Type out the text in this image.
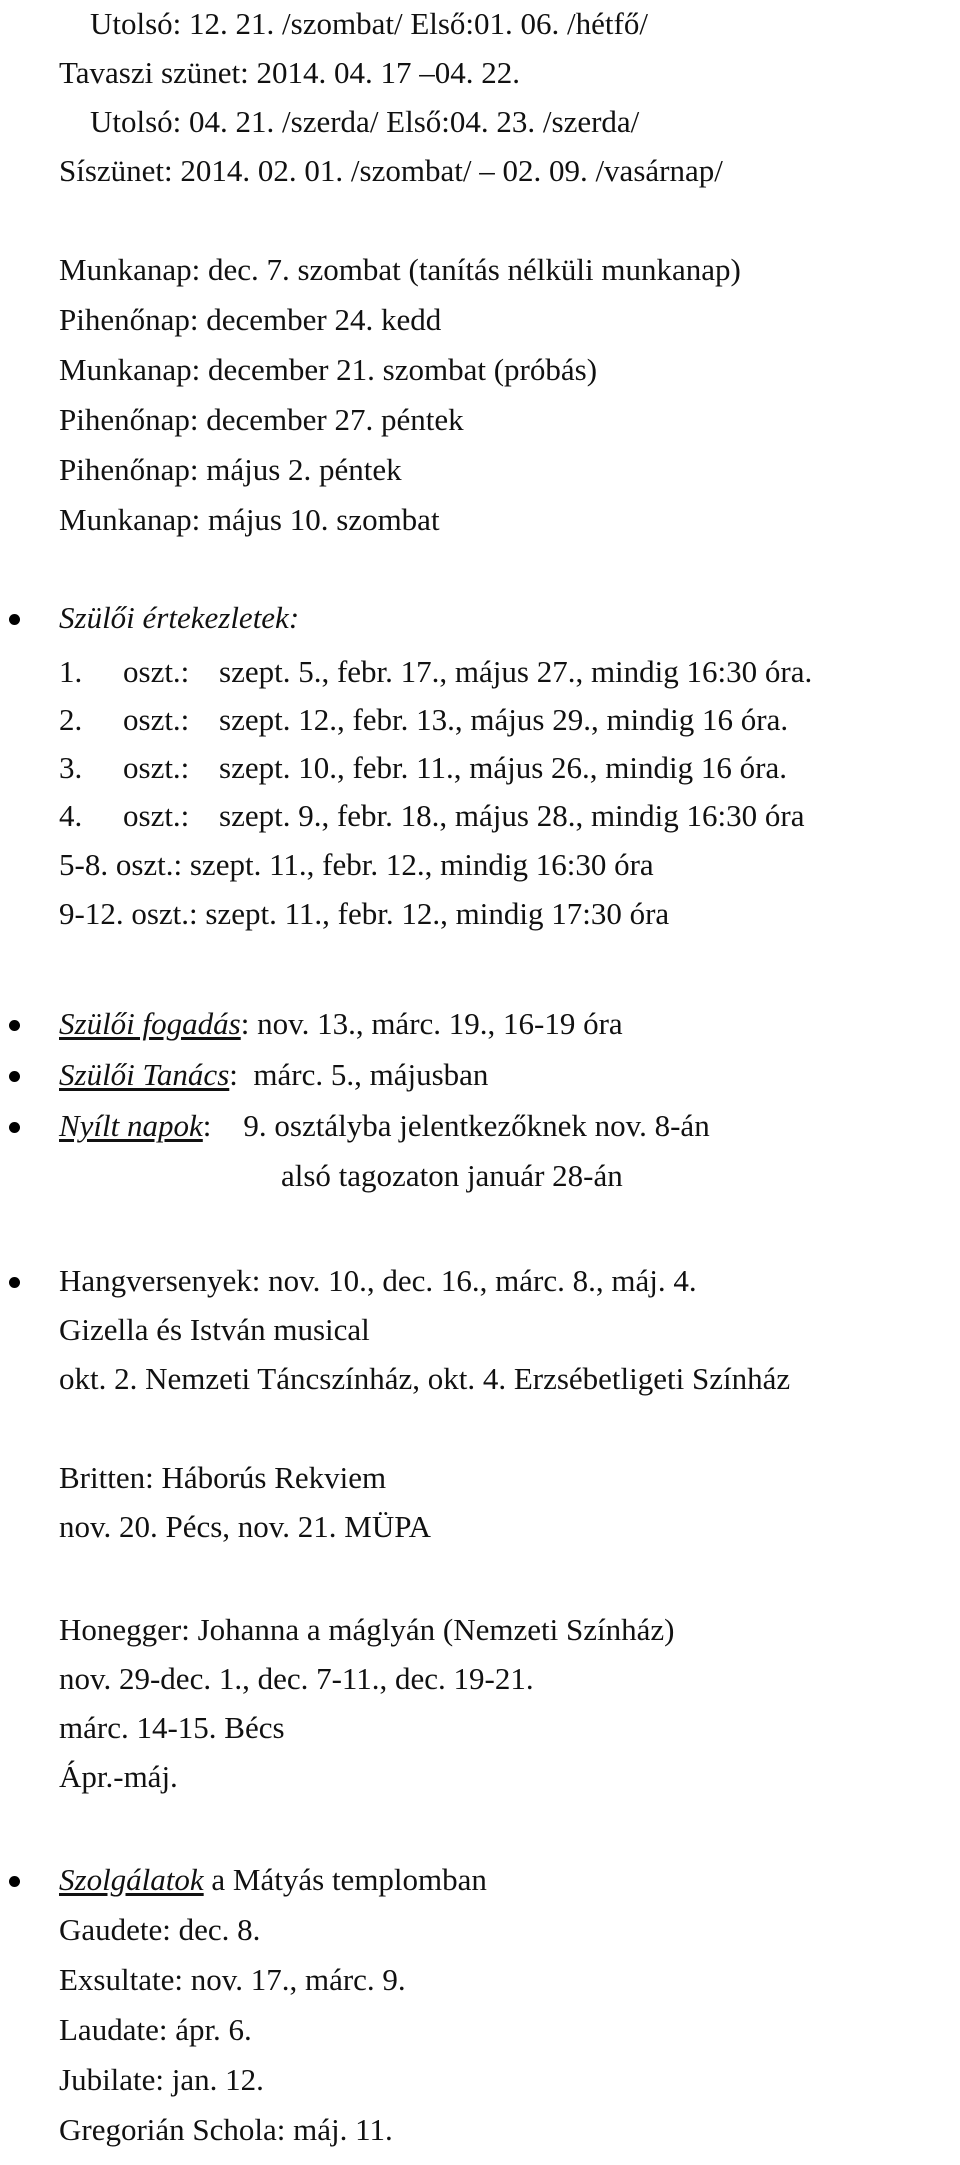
Utolsó: 12. 21. /szombat/ Első:01. 06. /hétfő/
Tavaszi szünet: 2014. 04. 17 –04. 22.
Utolsó: 04. 21. /szerda/ Első:04. 23. /szerda/
Síszünet: 2014. 02. 01. /szombat/ – 02. 09. /vasárnap/
Munkanap: dec. 7. szombat (tanítás nélküli munkanap)
Pihenőnap: december 24. kedd
Munkanap: december 21. szombat (próbás)
Pihenőnap: december 27. péntek
Pihenőnap: május 2. péntek
Munkanap: május 10. szombat
Szülői értekezletek:
1. oszt.: szept. 5., febr. 17., május 27., mindig 16:30 óra.
2. oszt.: szept. 12., febr. 13., május 29., mindig 16 óra.
3. oszt.: szept. 10., febr. 11., május 26., mindig 16 óra.
4. oszt.: szept. 9., febr. 18., május 28., mindig 16:30 óra
5-8. oszt.: szept. 11., febr. 12., mindig 16:30 óra
9-12. oszt.: szept. 11., febr. 12., mindig 17:30 óra
Szülői fogadás: nov. 13., márc. 19., 16-19 óra
Szülői Tanács:  márc. 5., májusban
Nyílt napok: 9. osztályba jelentkezőknek nov. 8-án
alsó tagozaton január 28-án
Hangversenyek: nov. 10., dec. 16., márc. 8., máj. 4.
Gizella és István musical
okt. 2. Nemzeti Táncszínház, okt. 4. Erzsébetligeti Színház
Britten: Háborús Rekviem
nov. 20. Pécs, nov. 21. MÜPA
Honegger: Johanna a máglyán (Nemzeti Színház)
nov. 29-dec. 1., dec. 7-11., dec. 19-21.
márc. 14-15. Bécs
Ápr.-máj.
Szolgálatok a Mátyás templomban
Gaudete: dec. 8.
Exsultate: nov. 17., márc. 9.
Laudate: ápr. 6.
Jubilate: jan. 12.
Gregorián Schola: máj. 11.
